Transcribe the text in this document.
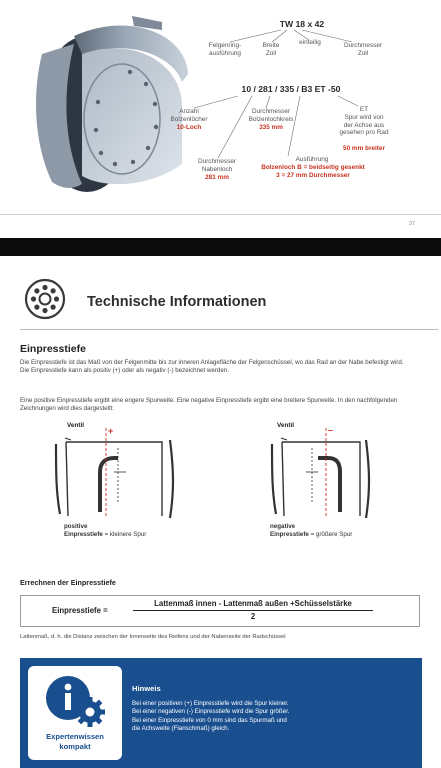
TW 18 x 42
Felgenring-
ausführung
Breite
Zoll
einteilig	Durchmesser
Zoll
10 / 281 / 335 / B3 ET -50
Anzahl
Bolzenlöcher
10-Loch
Durchmesser
Bolzenlochkreis
335 mm
ET
Spur wird von
der Achse aus
gesehen pro Rad
50 mm breiter
Durchmesser
Nabenloch
281 mm
Ausführung
Bolzenloch B = beidseitig gesenkt
3 = 27 mm Durchmesser
37
Technische Informationen
Einpresstiefe
Die Einpresstiefe ist das Maß von der Felgenmitte bis zur inneren Anlagefläche der Felgenschüssel, wo das Rad an der Nabe befestigt wird.
Die Einpresstiefe kann als positiv (+) oder als negativ (-) bezeichnet werden.
Eine positive Einpresstiefe ergibt eine engere Spurweite. Eine negative Einpresstiefe ergibt eine breitere Spurweite. In den nachfolgenden Zeichnungen wird dies dargestellt:
Ventil
+
positive
Einpresstiefe = kleinere Spur
Ventil	–
negative
Einpresstiefe = größere Spur
Errechnen der Einpresstiefe
Einpresstiefe =
Lattenmaß innen - Lattenmaß außen +Schüsselstärke
2
Lattenmaß, d. h. die Distanz zwischen der Innenseite des Reifens und der Nabenseite der Radschüssel
Expertenwissen
kompakt
Hinweis
Bei einer positiven (+) Einpresstiefe wird die Spur kleiner.
Bei einer negativen (-) Einpresstiefe wird die Spur größer.
Bei einer Einpresstiefe von 0 mm sind das Spurmaß und
die Achsweite (Flanschmaß) gleich.
